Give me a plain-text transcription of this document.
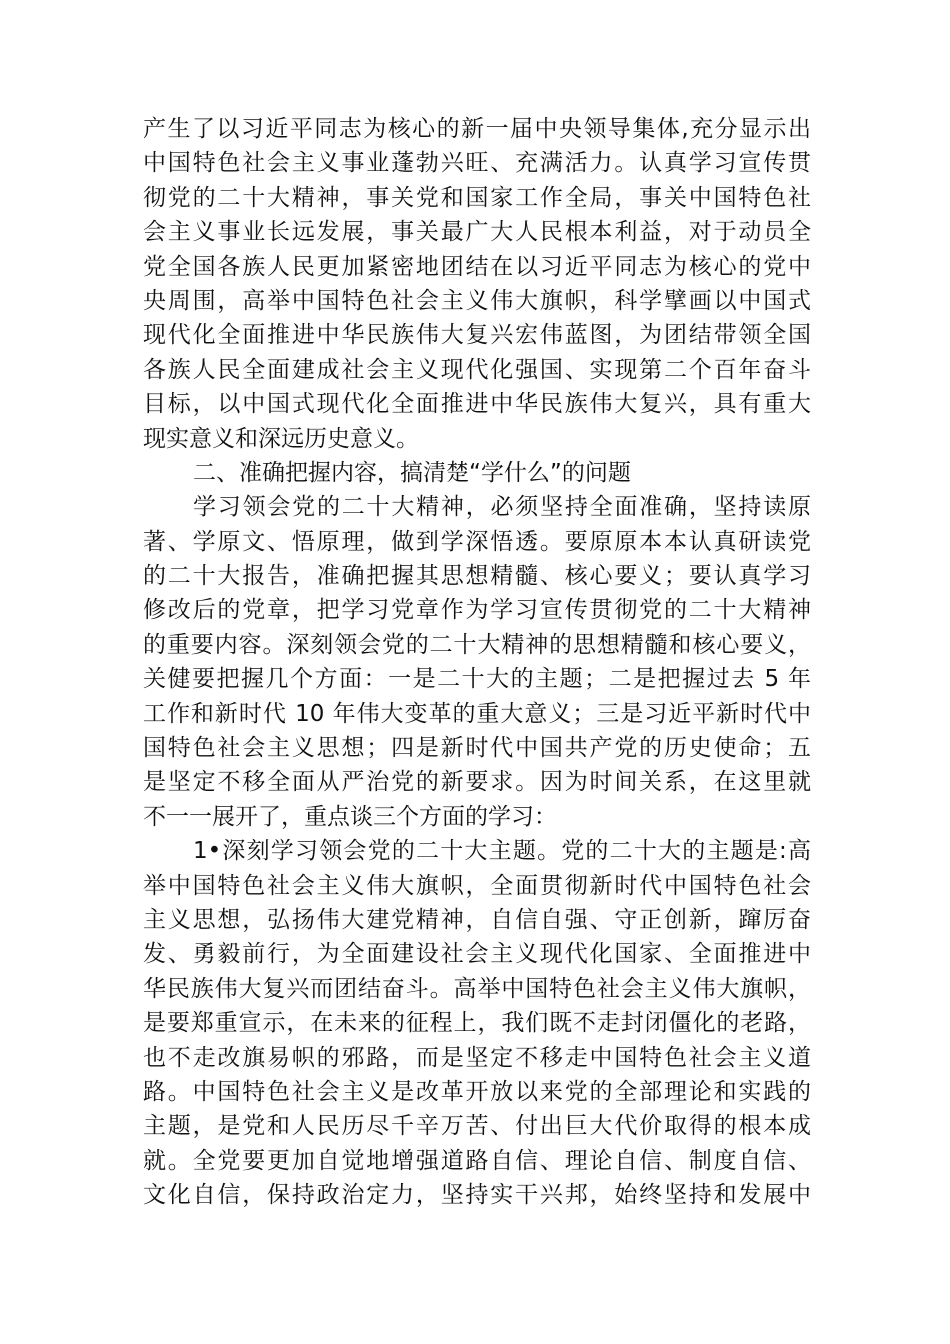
产生了以习近平同志为核心的新一届中央领导集体,充分显示出
中国特色社会主义事业蓬勃兴旺、充满活力。认真学习宣传贯
彻党的二十大精神，事关党和国家工作全局，事关中国特色社
会主义事业长远发展，事关最广大人民根本利益，对于动员全
党全国各族人民更加紧密地团结在以习近平同志为核心的党中
央周围，高举中国特色社会主义伟大旗帜，科学擘画以中国式
现代化全面推进中华民族伟大复兴宏伟蓝图，为团结带领全国
各族人民全面建成社会主义现代化强国、实现第二个百年奋斗
目标，以中国式现代化全面推进中华民族伟大复兴，具有重大
现实意义和深远历史意义。
二、准确把握内容，搞清楚“学什么”的问题
学习领会党的二十大精神，必须坚持全面准确，坚持读原
著、学原文、悟原理，做到学深悟透。要原原本本认真研读党
的二十大报告，准确把握其思想精髓、核心要义；要认真学习
修改后的党章，把学习党章作为学习宣传贯彻党的二十大精神
的重要内容。深刻领会党的二十大精神的思想精髓和核心要义，
关健要把握几个方面：一是二十大的主题；二是把握过去 5 年
工作和新时代 10 年伟大变革的重大意义；三是习近平新时代中
国特色社会主义思想；四是新时代中国共产党的历史使命；五
是坚定不移全面从严治党的新要求。因为时间关系，在这里就
不一一展开了，重点谈三个方面的学习：
1•深刻学习领会党的二十大主题。党的二十大的主题是:高
举中国特色社会主义伟大旗帜，全面贯彻新时代中国特色社会
主义思想，弘扬伟大建党精神，自信自强、守正创新，蹿厉奋
发、勇毅前行，为全面建设社会主义现代化国家、全面推进中
华民族伟大复兴而团结奋斗。高举中国特色社会主义伟大旗帜，
是要郑重宣示，在未来的征程上，我们既不走封闭僵化的老路，
也不走改旗易帜的邪路，而是坚定不移走中国特色社会主义道
路。中国特色社会主义是改革开放以来党的全部理论和实践的
主题，是党和人民历尽千辛万苦、付出巨大代价取得的根本成
就。全党要更加自觉地增强道路自信、理论自信、制度自信、
文化自信，保持政治定力，坚持实干兴邦，始终坚持和发展中
